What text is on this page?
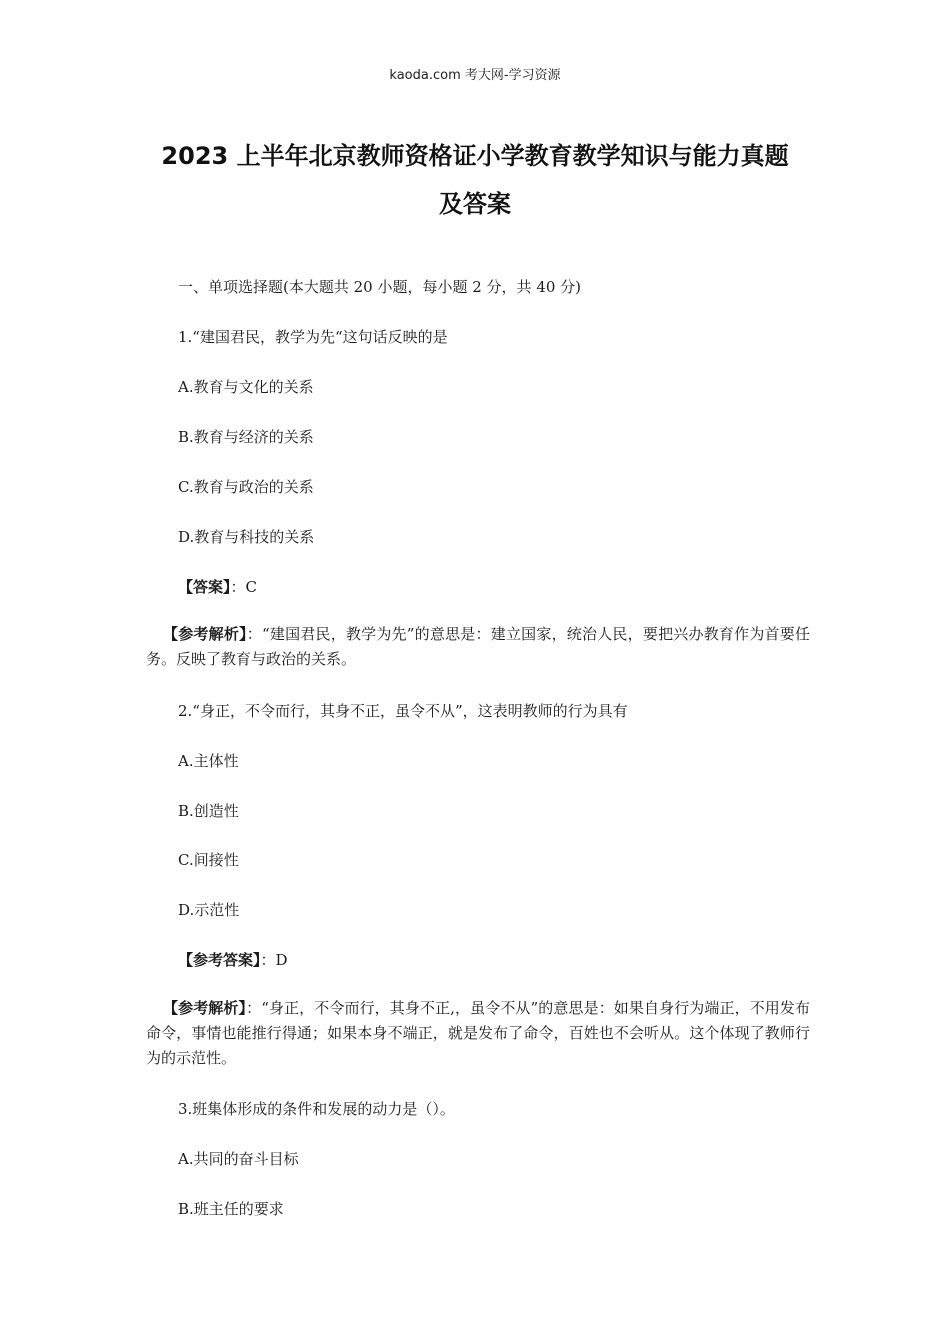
kaoda.com 考大网-学习资源
2023 上半年北京教师资格证小学教育教学知识与能力真题
及答案
一、单项选择题(本大题共 20 小题，每小题 2 分，共 40 分)
1.“建国君民，教学为先“这句话反映的是
A.教育与文化的关系
B.教育与经济的关系
C.教育与政治的关系
D.教育与科技的关系
【答案】：C
【参考解析】：“建国君民，教学为先”的意思是：建立国家，统治人民，要把兴办教育作为首要任务。反映了教育与政治的关系。
2.“身正，不令而行，其身不正，虽令不从”，这表明教师的行为具有
A.主体性
B.创造性
C.间接性
D.示范性
【参考答案】：D
【参考解析】：“身正，不令而行，其身不正,，虽令不从”的意思是：如果自身行为端正，不用发布命令，事情也能推行得通；如果本身不端正，就是发布了命令，百姓也不会听从。这个体现了教师行为的示范性。
3.班集体形成的条件和发展的动力是（）。
A.共同的奋斗目标
B.班主任的要求
